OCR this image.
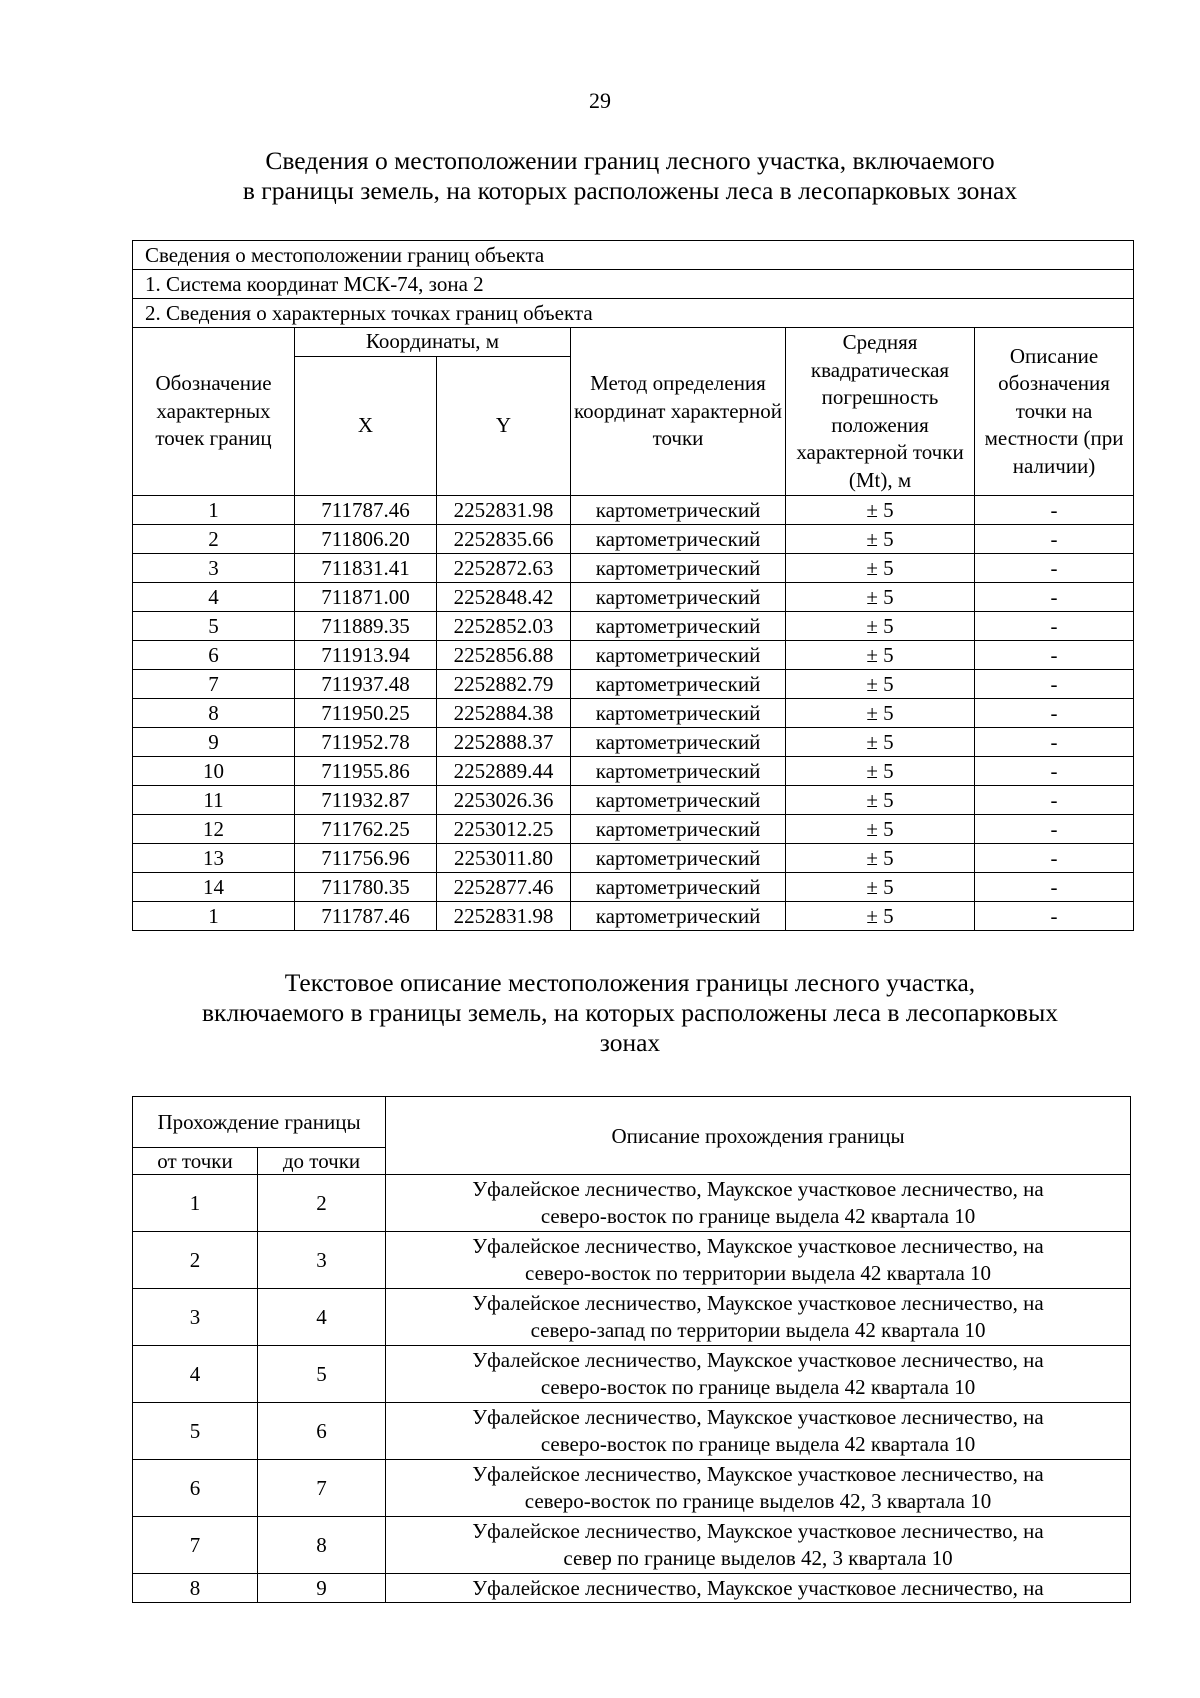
29
Сведения о местоположении границ лесного участка, включаемого
в границы земель, на которых расположены леса в лесопарковых зонах
Сведения о местоположении границ объекта					
1. Система координат МСК-74, зона 2					
2. Сведения о характерных точках границ объекта					
Обозначение характерных точек границ	Координаты, м		Метод определения координат характерной точки	Средняя квадратическая погрешность положения характерной точки (Mt), м	Описание обозначения точки на местности (при наличии)
	X	Y			
1	711787.46	2252831.98	картометрический	± 5	-
2	711806.20	2252835.66	картометрический	± 5	-
3	711831.41	2252872.63	картометрический	± 5	-
4	711871.00	2252848.42	картометрический	± 5	-
5	711889.35	2252852.03	картометрический	± 5	-
6	711913.94	2252856.88	картометрический	± 5	-
7	711937.48	2252882.79	картометрический	± 5	-
8	711950.25	2252884.38	картометрический	± 5	-
9	711952.78	2252888.37	картометрический	± 5	-
10	711955.86	2252889.44	картометрический	± 5	-
11	711932.87	2253026.36	картометрический	± 5	-
12	711762.25	2253012.25	картометрический	± 5	-
13	711756.96	2253011.80	картометрический	± 5	-
14	711780.35	2252877.46	картометрический	± 5	-
1	711787.46	2252831.98	картометрический	± 5	-
Текстовое описание местоположения границы лесного участка,
включаемого в границы земель, на которых расположены леса в лесопарковых
зонах
Прохождение границы		Описание прохождения границы
от точки	до точки	
1	2	Уфалейское лесничество, Маукское участковое лесничество, на
северо-восток по границе выдела 42 квартала 10

2	3	Уфалейское лесничество, Маукское участковое лесничество, на
северо-восток по территории выдела 42 квартала 10

3	4	Уфалейское лесничество, Маукское участковое лесничество, на
северо-запад по территории выдела 42 квартала 10

4	5	Уфалейское лесничество, Маукское участковое лесничество, на
северо-восток по границе выдела 42 квартала 10

5	6	Уфалейское лесничество, Маукское участковое лесничество, на
северо-восток по границе выдела 42 квартала 10

6	7	Уфалейское лесничество, Маукское участковое лесничество, на
северо-восток по границе выделов 42, 3 квартала 10

7	8	Уфалейское лесничество, Маукское участковое лесничество, на
север по границе выделов 42, 3 квартала 10

8	9	Уфалейское лесничество, Маукское участковое лесничество, на
